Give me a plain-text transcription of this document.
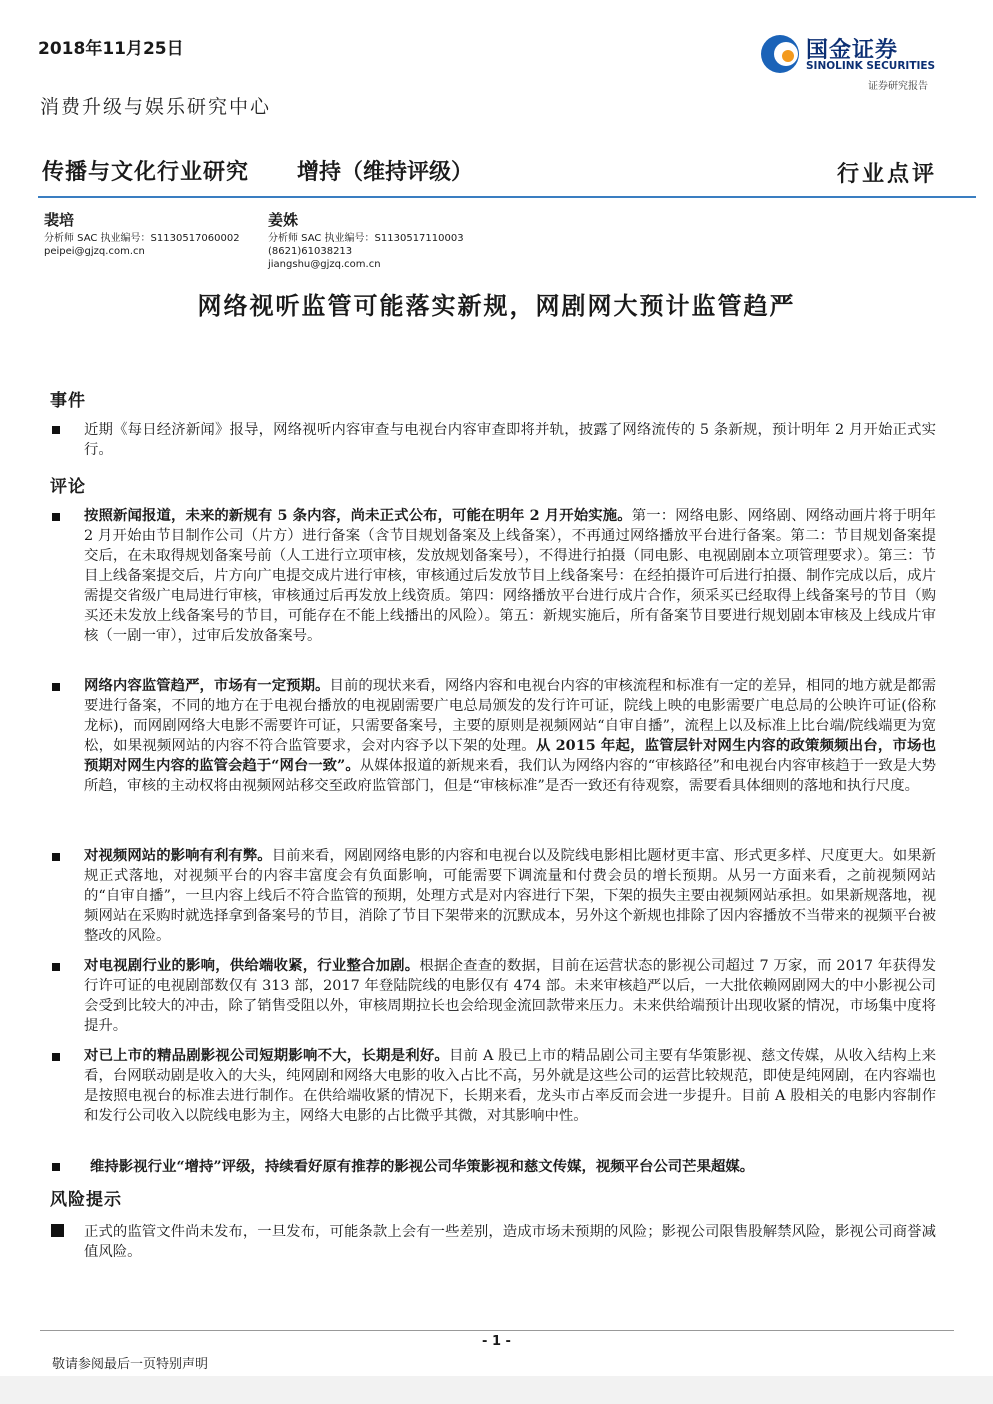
2018年11月25日	国金证券
SINOLINK SECURITIES
证券研究报告
消费升级与娱乐研究中心
传播与文化行业研究 增持（维持评级）	行业点评
裴培
分析师 SAC 执业编号：S1130517060002
peipei@gjzq.com.cn
姜姝
分析师 SAC 执业编号：S1130517110003
(8621)61038213
jiangshu@gjzq.com.cn
网络视听监管可能落实新规，网剧网大预计监管趋严
事件
近期《每日经济新闻》报导，网络视听内容审查与电视台内容审查即将并轨，披露了网络流传的 5 条新规，预计明年 2 月开始正式实行。
评论
按照新闻报道，未来的新规有 5 条内容，尚未正式公布，可能在明年 2 月开始实施。第一：网络电影、网络剧、网络动画片将于明年 2 月开始由节目制作公司（片方）进行备案（含节目规划备案及上线备案），不再通过网络播放平台进行备案。第二：节目规划备案提交后，在未取得规划备案号前（人工进行立项审核，发放规划备案号），不得进行拍摄（同电影、电视剧剧本立项管理要求）。第三：节目上线备案提交后，片方向广电提交成片进行审核，审核通过后发放节目上线备案号：在经拍摄许可后进行拍摄、制作完成以后，成片需提交省级广电局进行审核，审核通过后再发放上线资质。第四：网络播放平台进行成片合作，须采买已经取得上线备案号的节目（购买还未发放上线备案号的节目，可能存在不能上线播出的风险）。第五：新规实施后，所有备案节目要进行规划剧本审核及上线成片审核（一剧一审），过审后发放备案号。
网络内容监管趋严，市场有一定预期。目前的现状来看，网络内容和电视台内容的审核流程和标准有一定的差异，相同的地方就是都需要进行备案，不同的地方在于电视台播放的电视剧需要广电总局颁发的发行许可证，院线上映的电影需要广电总局的公映许可证(俗称龙标)，而网剧网络大电影不需要许可证，只需要备案号，主要的原则是视频网站“自审自播”，流程上以及标准上比台端/院线端更为宽松，如果视频网站的内容不符合监管要求，会对内容予以下架的处理。从 2015 年起，监管层针对网生内容的政策频频出台，市场也预期对网生内容的监管会趋于“网台一致”。从媒体报道的新规来看，我们认为网络内容的“审核路径”和电视台内容审核趋于一致是大势所趋，审核的主动权将由视频网站移交至政府监管部门，但是“审核标准”是否一致还有待观察，需要看具体细则的落地和执行尺度。
对视频网站的影响有利有弊。目前来看，网剧网络电影的内容和电视台以及院线电影相比题材更丰富、形式更多样、尺度更大。如果新规正式落地，对视频平台的内容丰富度会有负面影响，可能需要下调流量和付费会员的增长预期。从另一方面来看，之前视频网站的“自审自播”，一旦内容上线后不符合监管的预期，处理方式是对内容进行下架，下架的损失主要由视频网站承担。如果新规落地，视频网站在采购时就选择拿到备案号的节目，消除了节目下架带来的沉默成本，另外这个新规也排除了因内容播放不当带来的视频平台被整改的风险。
对电视剧行业的影响，供给端收紧，行业整合加剧。根据企查查的数据，目前在运营状态的影视公司超过 7 万家，而 2017 年获得发行许可证的电视剧部数仅有 313 部，2017 年登陆院线的电影仅有 474 部。未来审核趋严以后，一大批依赖网剧网大的中小影视公司会受到比较大的冲击，除了销售受阻以外，审核周期拉长也会给现金流回款带来压力。未来供给端预计出现收紧的情况，市场集中度将提升。
对已上市的精品剧影视公司短期影响不大，长期是利好。目前 A 股已上市的精品剧公司主要有华策影视、慈文传媒，从收入结构上来看，台网联动剧是收入的大头，纯网剧和网络大电影的收入占比不高，另外就是这些公司的运营比较规范，即使是纯网剧，在内容端也是按照电视台的标准去进行制作。在供给端收紧的情况下，长期来看，龙头市占率反而会进一步提升。目前 A 股相关的电影内容制作和发行公司收入以院线电影为主，网络大电影的占比微乎其微，对其影响中性。
维持影视行业“增持”评级，持续看好原有推荐的影视公司华策影视和慈文传媒，视频平台公司芒果超媒。
风险提示
正式的监管文件尚未发布，一旦发布，可能条款上会有一些差别，造成市场未预期的风险；影视公司限售股解禁风险，影视公司商誉减值风险。
- 1 -
敬请参阅最后一页特别声明
